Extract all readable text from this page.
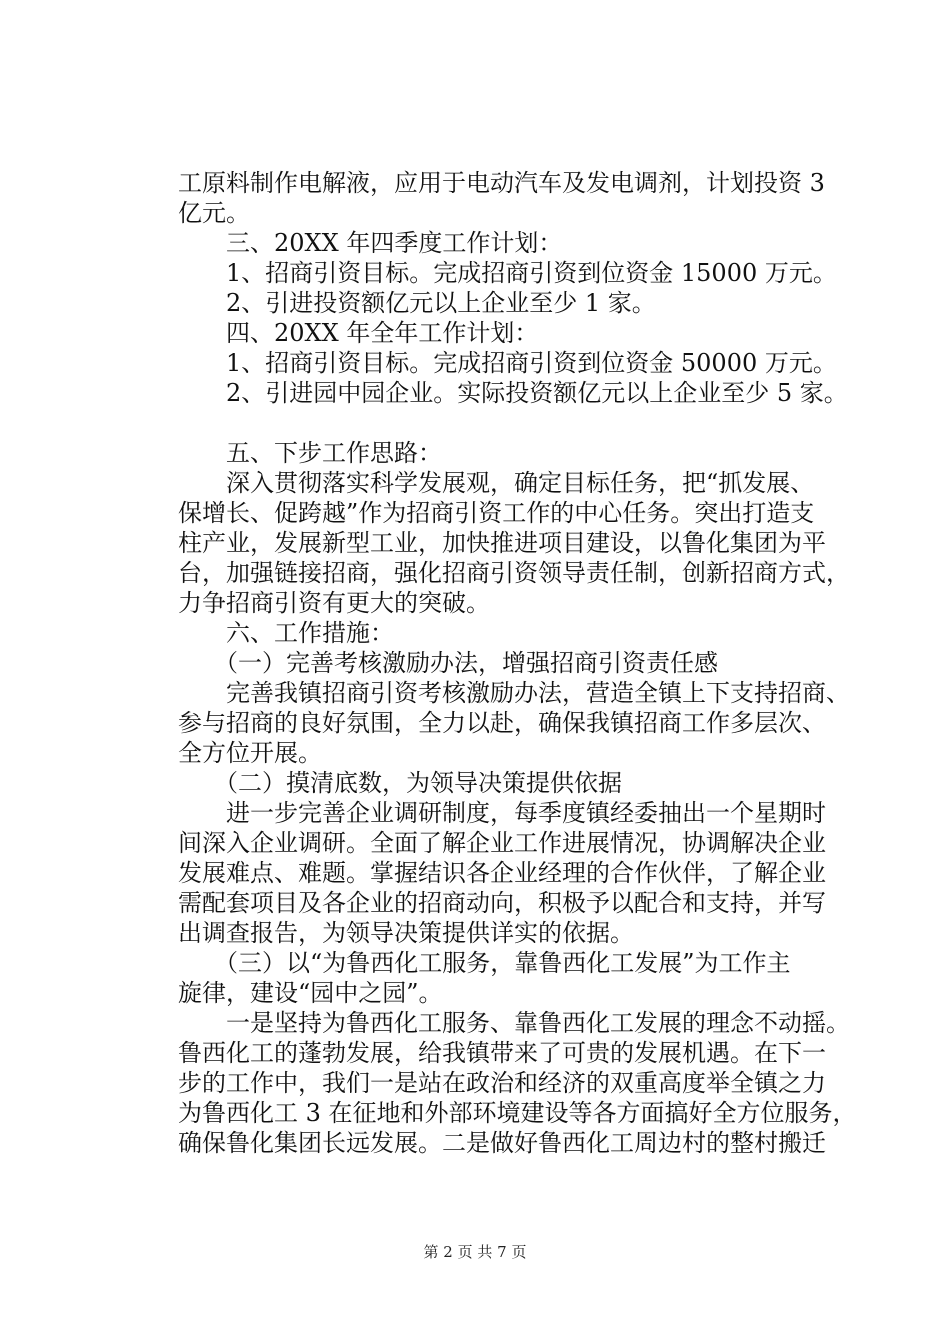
工原料制作电解液，应用于电动汽车及发电调剂，计划投资 3
亿元。
　　三、20XX 年四季度工作计划：
　　1、招商引资目标。完成招商引资到位资金 15000 万元。
　　2、引进投资额亿元以上企业至少 1 家。
　　四、20XX 年全年工作计划：
　　1、招商引资目标。完成招商引资到位资金 50000 万元。
　　2、引进园中园企业。实际投资额亿元以上企业至少 5 家。
　　五、下步工作思路：
　　深入贯彻落实科学发展观，确定目标任务，把“抓发展、
保增长、促跨越”作为招商引资工作的中心任务。突出打造支
柱产业，发展新型工业，加快推进项目建设，以鲁化集团为平
台，加强链接招商，强化招商引资领导责任制，创新招商方式，
力争招商引资有更大的突破。
　　六、工作措施：
　　（一）完善考核激励办法，增强招商引资责任感
　　完善我镇招商引资考核激励办法，营造全镇上下支持招商、
参与招商的良好氛围，全力以赴，确保我镇招商工作多层次、
全方位开展。
　　（二）摸清底数，为领导决策提供依据
　　进一步完善企业调研制度，每季度镇经委抽出一个星期时
间深入企业调研。全面了解企业工作进展情况，协调解决企业
发展难点、难题。掌握结识各企业经理的合作伙伴，了解企业
需配套项目及各企业的招商动向，积极予以配合和支持，并写
出调查报告，为领导决策提供详实的依据。
　　（三）以“为鲁西化工服务，靠鲁西化工发展”为工作主
旋律，建设“园中之园”。
　　一是坚持为鲁西化工服务、靠鲁西化工发展的理念不动摇。
鲁西化工的蓬勃发展，给我镇带来了可贵的发展机遇。在下一
步的工作中，我们一是站在政治和经济的双重高度举全镇之力
为鲁西化工 3 在征地和外部环境建设等各方面搞好全方位服务，
确保鲁化集团长远发展。二是做好鲁西化工周边村的整村搬迁
第 2 页 共 7 页
